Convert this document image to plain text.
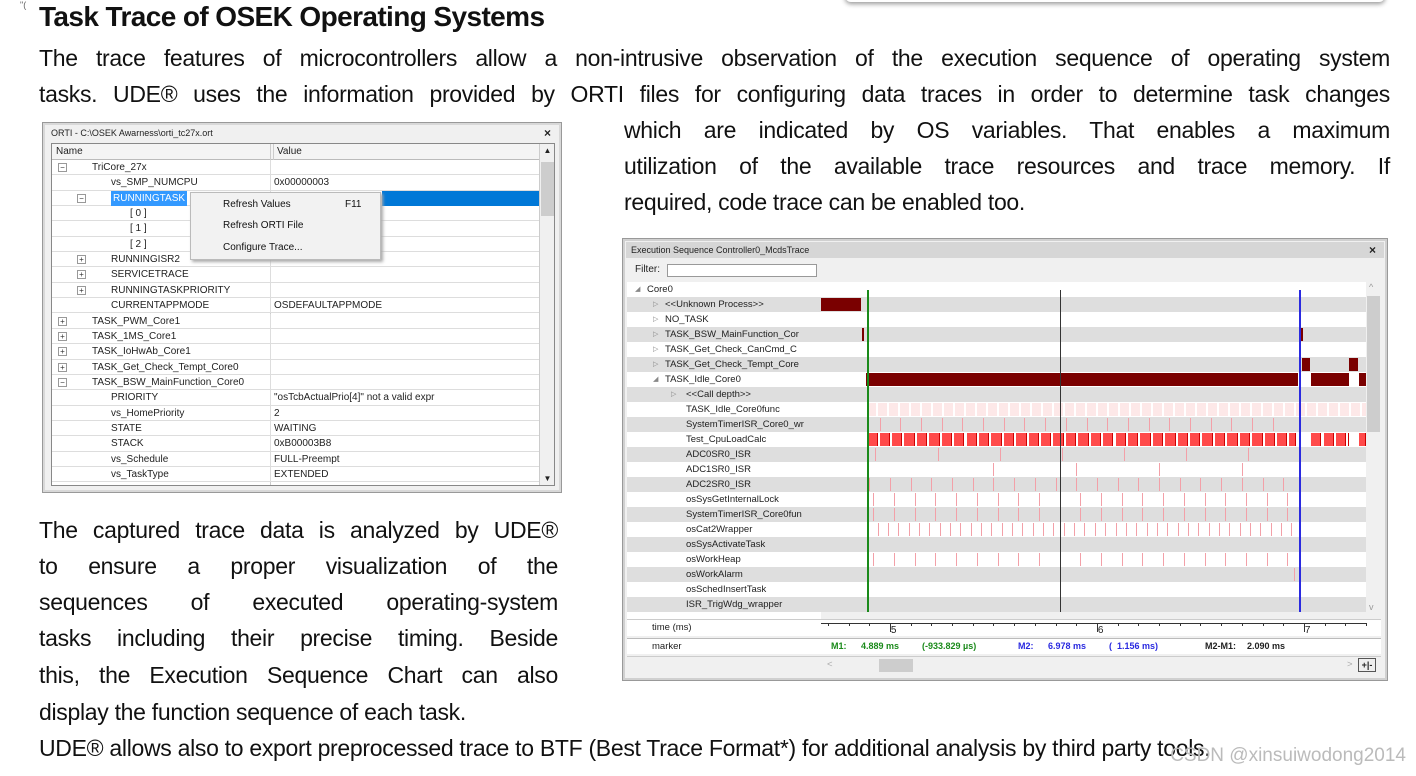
"( Task Trace of OSEK Operating Systems
The trace features of microcontrollers allow a non-intrusive observation of the execution sequence of operating system
tasks. UDE® uses the information provided by ORTI files for configuring data traces in order to determine task changes
which are indicated by OS variables. That enables a maximum
utilization of the available trace resources and trace memory. If
required, code trace can be enabled too.
The captured trace data is analyzed by UDE®
to ensure a proper visualization of the
sequences of executed operating-system
tasks including their precise timing. Beside
this, the Execution Sequence Chart can also
display the function sequence of each task.
UDE® allows also to export preprocessed trace to BTF (Best Trace Format*) for additional analysis by third party tools.
CSDN @xinsuiwodong2014
ORTI - C:\OSEK Awarness\orti_tc27x.ort	×
Name	Value
−	TriCore_27x
vs_SMP_NUMCPU	0x00000003
−	RUNNINGTASK
[ 0 ]
[ 1 ]
[ 2 ]
+	RUNNINGISR2
+	SERVICETRACE
+	RUNNINGTASKPRIORITY
CURRENTAPPMODE	OSDEFAULTAPPMODE
+	TASK_PWM_Core1
+	TASK_1MS_Core1
+	TASK_IoHwAb_Core1
+	TASK_Get_Check_Tempt_Core0
−	TASK_BSW_MainFunction_Core0
PRIORITY	"osTcbActualPrio[4]" not a valid expr
vs_HomePriority	2
STATE	WAITING
STACK	0xB00003B8
vs_Schedule	FULL-Preempt
vs_TaskType	EXTENDED
▲
▼
Refresh Values	F11
Refresh ORTI File
Configure Trace...	Execution Sequence Controller0_McdsTrace	×
Filter:
◢ Core0
▷ <<Unknown Process>>
▷ NO_TASK
▷ TASK_BSW_MainFunction_Cor
▷ TASK_Get_Check_CanCmd_C
▷ TASK_Get_Check_Tempt_Core
◢ TASK_Idle_Core0
▷ <<Call depth>>
TASK_Idle_Core0func
SystemTimerISR_Core0_wr
Test_CpuLoadCalc
ADC0SR0_ISR
ADC1SR0_ISR
ADC2SR0_ISR
osSysGetInternalLock
SystemTimerISR_Core0fun
osCat2Wrapper
osSysActivateTask
osWorkHeap
osWorkAlarm
osSchedInsertTask
ISR_TrigWdg_wrapper
^
v
time (ms)	5	6	7
marker	M1: 4.889 ms	(-933.829 µs)	M2: 6.978 ms	(  1.156 ms)	M2-M1: 2.090 ms
<	>	+|-
